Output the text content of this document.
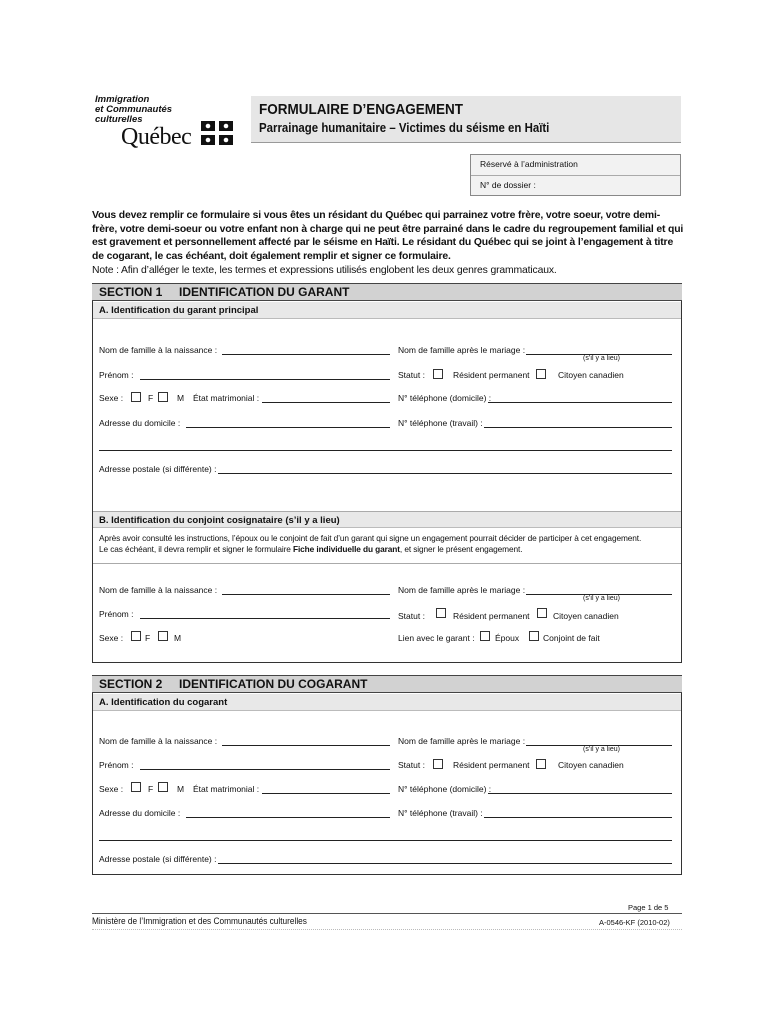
Immigration
et Communautés
culturelles
Québec
FORMULAIRE D’ENGAGEMENT
Parrainage humanitaire – Victimes du séisme en Haïti
Réservé à l’administration
N° de dossier :
Vous devez remplir ce formulaire si vous êtes un résidant du Québec qui parrainez votre frère, votre soeur, votre demi-frère, votre demi-soeur ou votre enfant non à charge qui ne peut être parrainé dans le cadre du regroupement familial et qui est gravement et personnellement affecté par le séisme en Haïti. Le résidant du Québec qui se joint à l’engagement à titre de cogarant, le cas échéant, doit également remplir et signer ce formulaire.
Note : Afin d’alléger le texte, les termes et expressions utilisés englobent les deux genres grammaticaux.
SECTION 1     IDENTIFICATION DU GARANT
A. Identification du garant principal
Nom de famille à la naissance :	Nom de famille après le mariage :
(s’il y a lieu)
Prénom :	Statut :	Résident permanent	Citoyen canadien
Sexe :	F	M État matrimonial :	N° téléphone (domicile) :
Adresse du domicile :	N° téléphone (travail) :
Adresse postale (si différente) :
B. Identification du conjoint cosignataire (s’il y a lieu)
Après avoir consulté les instructions, l’époux ou le conjoint de fait d’un garant qui signe un engagement pourrait décider de participer à cet engagement.
Le cas échéant, il devra remplir et signer le formulaire Fiche individuelle du garant, et signer le présent engagement.
Nom de famille à la naissance :	Nom de famille après le mariage :
(s’il y a lieu)
Prénom :	Statut :	Résident permanent	Citoyen canadien
Sexe :	F	M	Lien avec le garant : Époux	Conjoint de fait
SECTION 2     IDENTIFICATION DU COGARANT
A. Identification du cogarant
Nom de famille à la naissance :	Nom de famille après le mariage :
(s’il y a lieu)
Prénom :	Statut :	Résident permanent	Citoyen canadien
Sexe :	F	M État matrimonial :	N° téléphone (domicile) :
Adresse du domicile :	N° téléphone (travail) :
Adresse postale (si différente) :
Page 1 de 5
Ministère de l’Immigration et des Communautés culturelles	A-0546-KF (2010-02)
